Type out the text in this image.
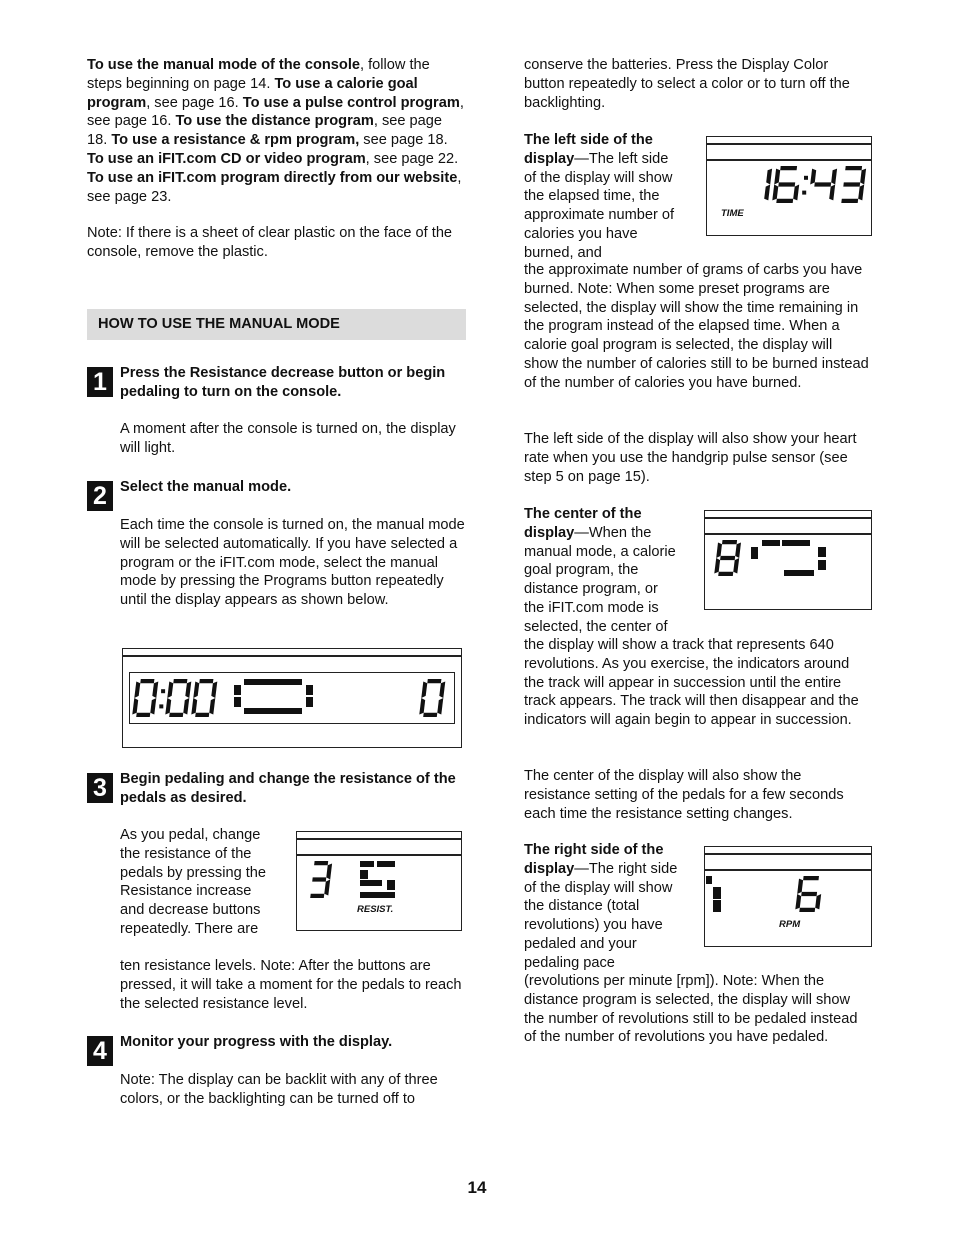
To use the manual mode of the console, follow the steps beginning on page 14. To use a calorie goal program, see page 16. To use a pulse control program, see page 16. To use the distance program, see page 18. To use a resistance & rpm program, see page 18. To use an iFIT.com CD or video program, see page 22. To use an iFIT.com program directly from our website, see page 23.
Note: If there is a sheet of clear plastic on the face of the console, remove the plastic.
HOW TO USE THE MANUAL MODE
1 Press the Resistance decrease button or begin pedaling to turn on the console.
A moment after the console is turned on, the display will light.
2 Select the manual mode.
Each time the console is turned on, the manual mode will be selected automatically. If you have selected a program or the iFIT.com mode, select the manual mode by pressing the Programs button repeatedly until the display appears as shown below.
3 Begin pedaling and change the resistance of the pedals as desired.
As you pedal, change the resistance of the pedals by pressing the Resistance increase and decrease buttons repeatedly. There are
ten resistance levels. Note: After the buttons are pressed, it will take a moment for the pedals to reach the selected resistance level.
RESIST.
4 Monitor your progress with the display.
Note: The display can be backlit with any of three colors, or the backlighting can be turned off to
conserve the batteries. Press the Display Color button repeatedly to select a color or to turn off the backlighting.
The left side of the display—The left side of the display will show the elapsed time, the approximate number of calories you have burned, and
the approximate number of grams of carbs you have burned. Note: When some preset programs are selected, the display will show the time remaining in the program instead of the elapsed time. When a calorie goal program is selected, the display will show the number of calories still to be burned instead of the number of calories you have burned.
The left side of the display will also show your heart rate when you use the handgrip pulse sensor (see step 5 on page 15).
TIME
The center of the display—When the manual mode, a calorie goal program, the distance program, or the iFIT.com mode is selected, the center of
the display will show a track that represents 640 revolutions. As you exercise, the indicators around the track will appear in succession until the entire track appears. The track will then disappear and the indicators will again begin to appear in succession.
The center of the display will also show the resistance setting of the pedals for a few seconds each time the resistance setting changes.
The right side of the display—The right side of the display will show the distance (total revolutions) you have pedaled and your pedaling pace
(revolutions per minute [rpm]). Note: When the distance program is selected, the display will show the number of revolutions still to be pedaled instead of the number of revolutions you have pedaled.
RPM
14
